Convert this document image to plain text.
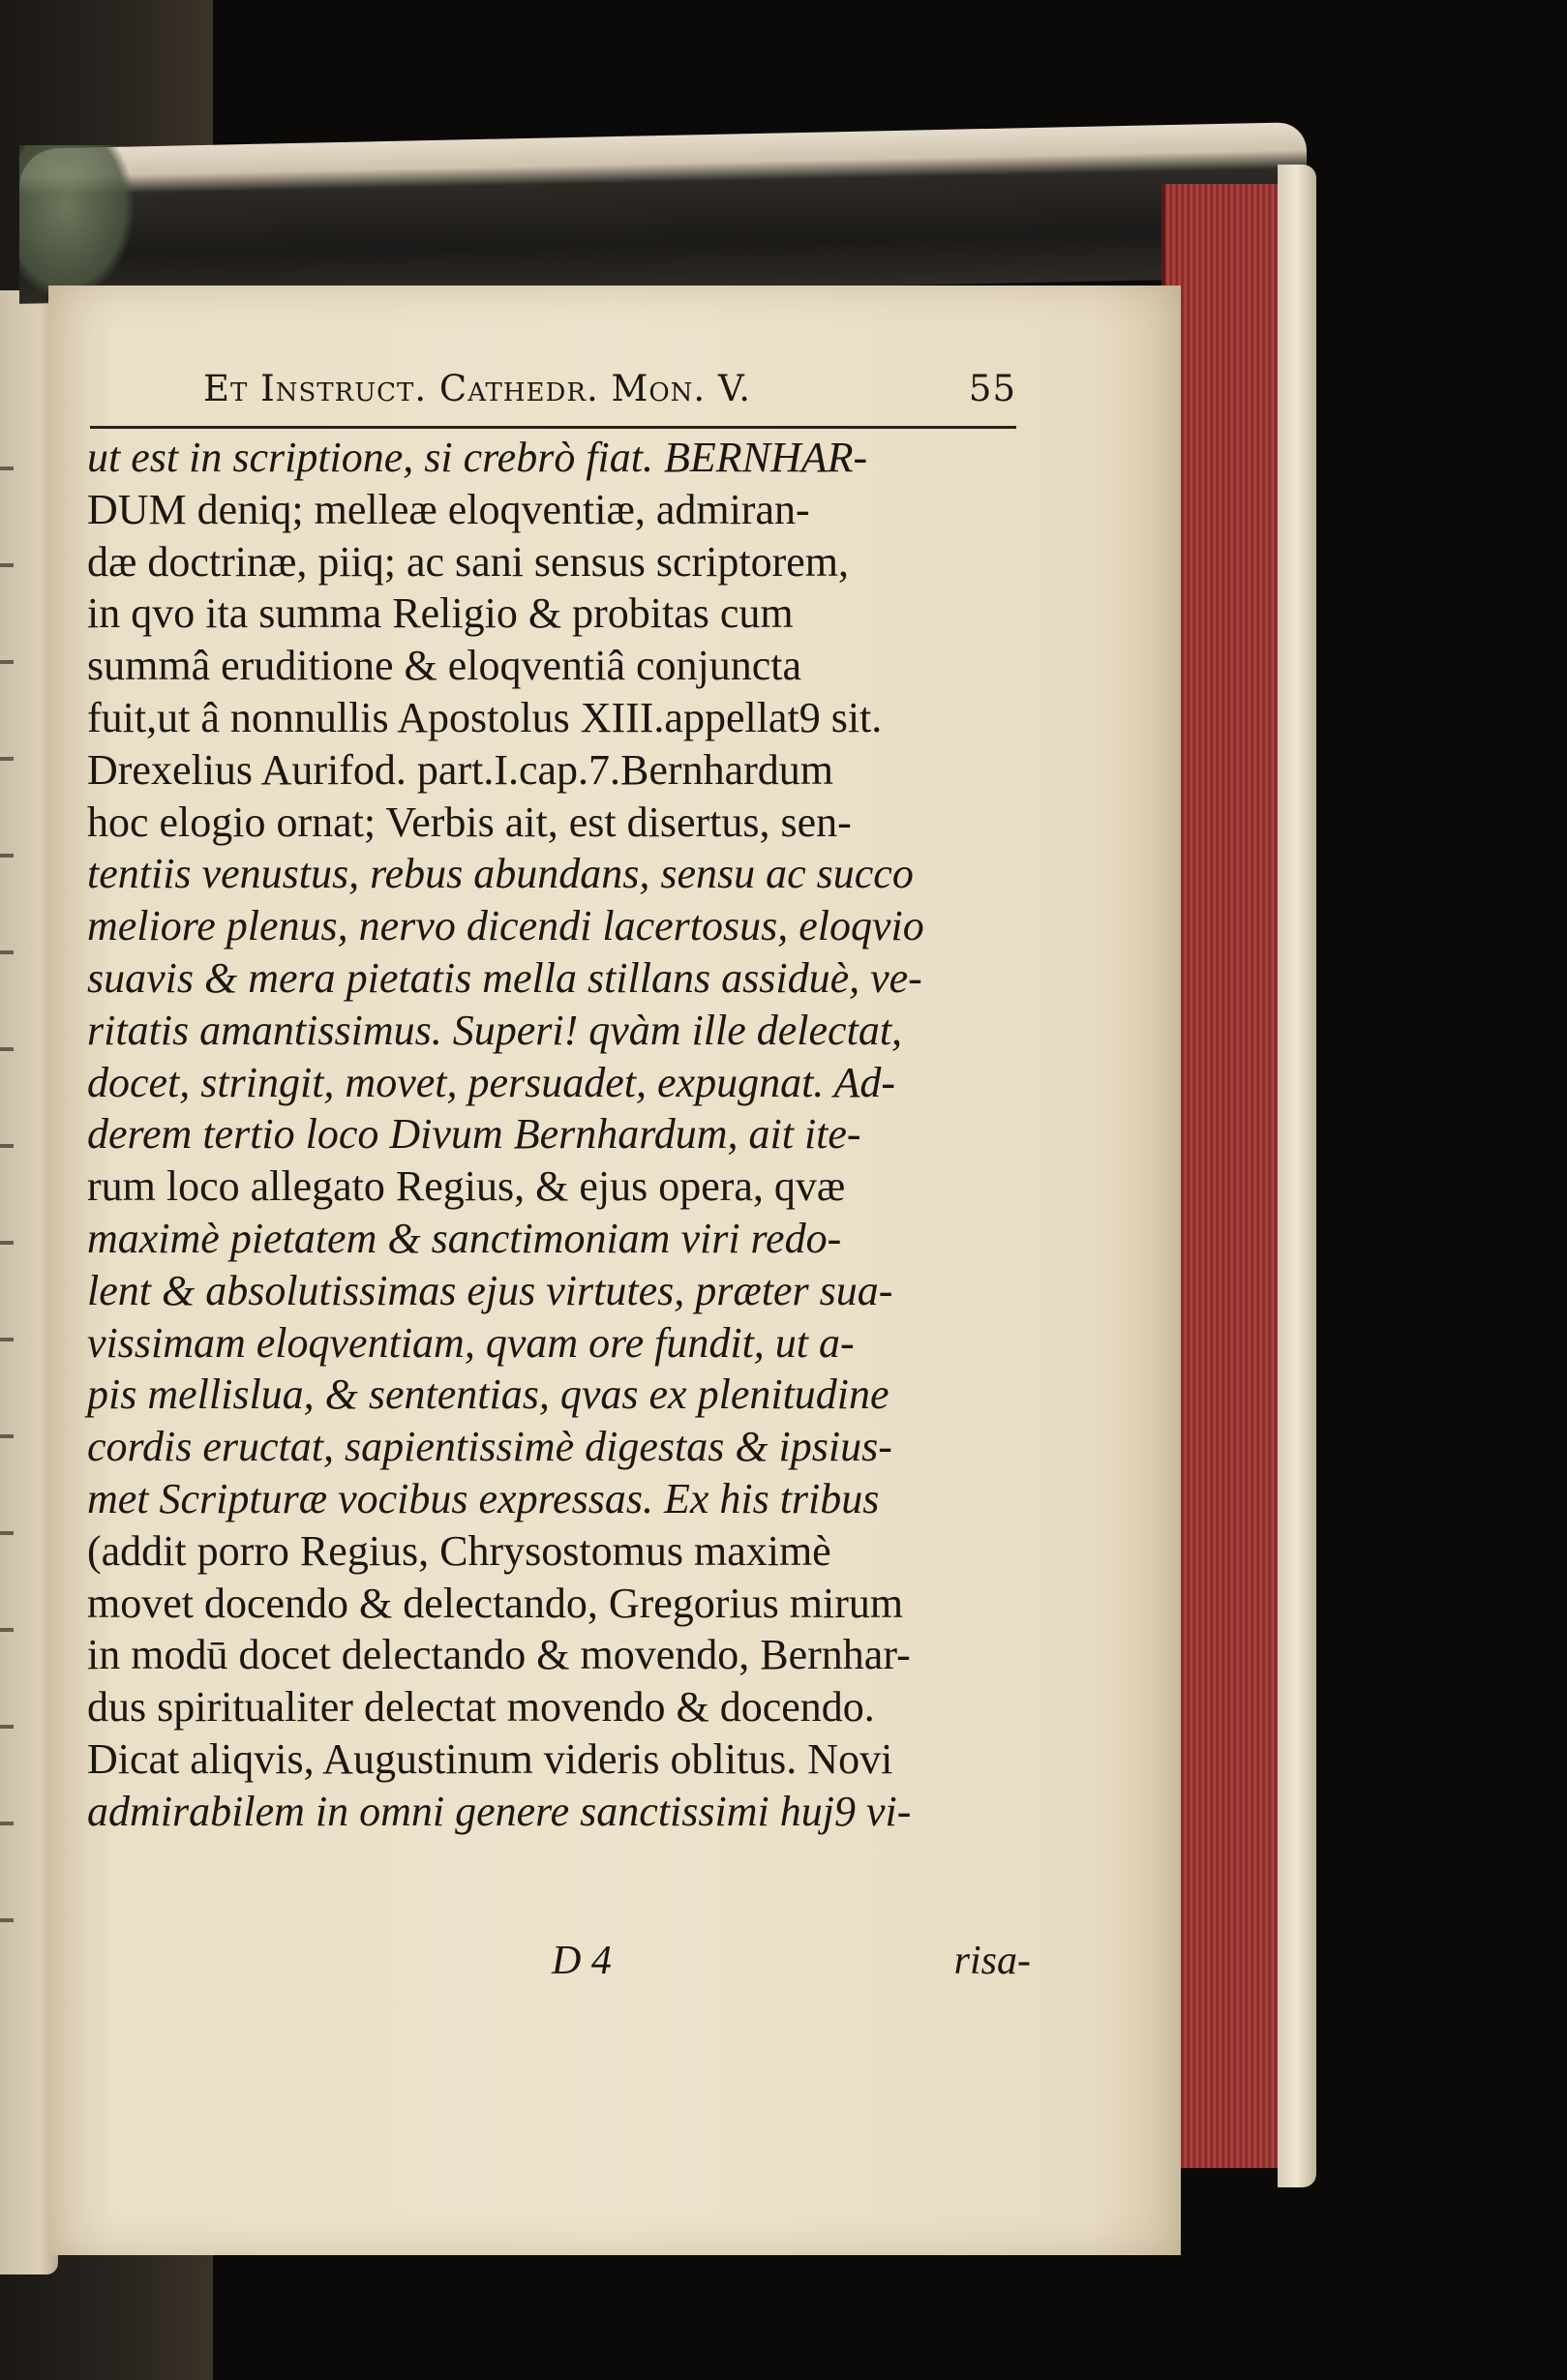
Et Instruct. Cathedr. Mon. V.	55
ut est in scriptione, si crebrò fiat. BERNHAR-
DUM deniq; melleæ eloqventiæ, admiran-
dæ doctrinæ, piiq; ac sani sensus scriptorem,
in qvo ita summa Religio & probitas cum
summâ eruditione & eloqventiâ conjuncta
fuit,ut â nonnullis Apostolus XIII.appellat9 sit.
Drexelius Aurifod. part.I.cap.7.Bernhardum
hoc elogio ornat; Verbis ait, est disertus, sen-
tentiis venustus, rebus abundans, sensu ac succo
meliore plenus, nervo dicendi lacertosus, eloqvio
suavis & mera pietatis mella stillans assiduè, ve-
ritatis amantissimus. Superi! qvàm ille delectat,
docet, stringit, movet, persuadet, expugnat. Ad-
derem tertio loco Divum Bernhardum, ait ite-
rum loco allegato Regius, & ejus opera, qvæ
maximè pietatem & sanctimoniam viri redo-
lent & absolutissimas ejus virtutes, præter sua-
vissimam eloqventiam, qvam ore fundit, ut a-
pis mellislua, & sententias, qvas ex plenitudine
cordis eructat, sapientissimè digestas & ipsius-
met Scripturæ vocibus expressas. Ex his tribus
(addit porro Regius, Chrysostomus maximè
movet docendo & delectando, Gregorius mirum
in modū docet delectando & movendo, Bernhar-
dus spiritualiter delectat movendo & docendo.
Dicat aliqvis, Augustinum videris oblitus. Novi
admirabilem in omni genere sanctissimi huj9 vi-
D 4	risa-
